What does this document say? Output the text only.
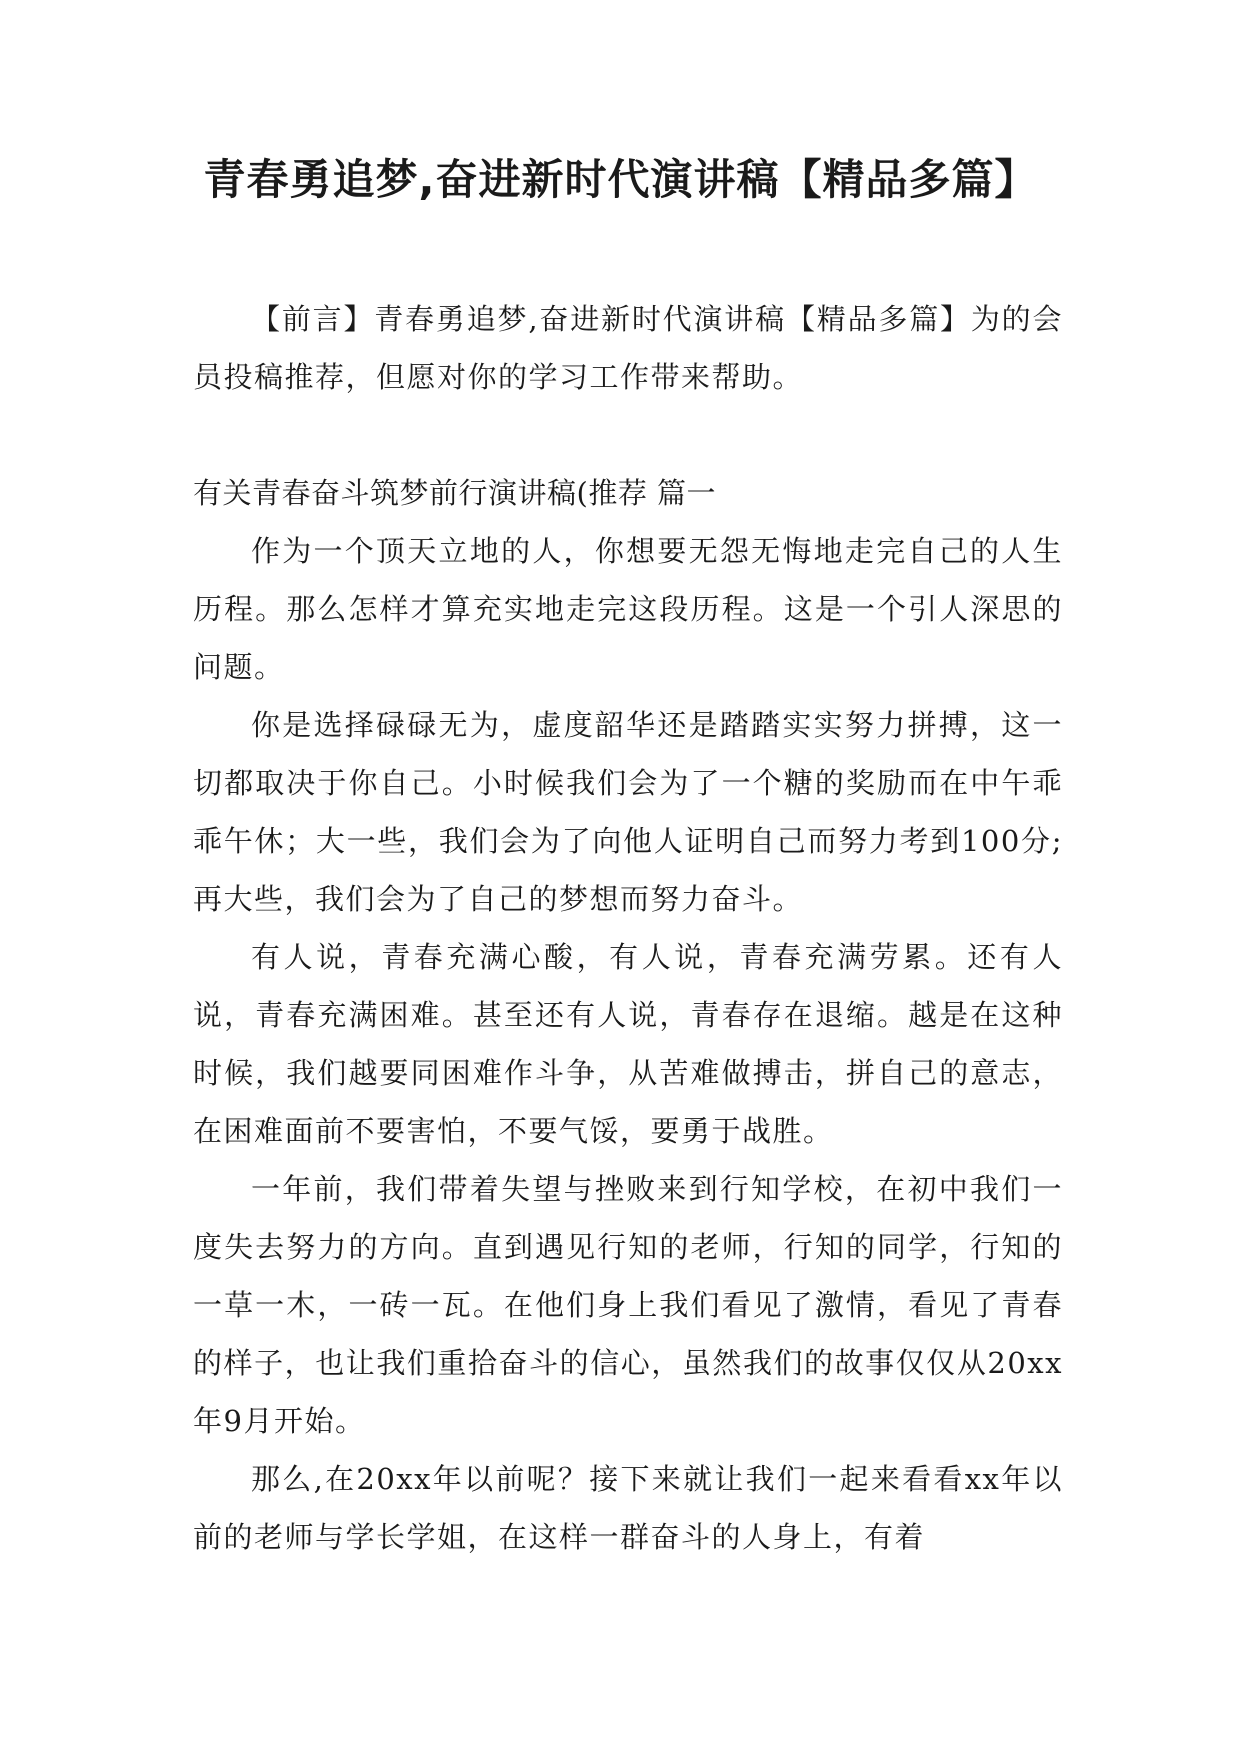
青春勇追梦,奋进新时代演讲稿【精品多篇】

【前言】青春勇追梦,奋进新时代演讲稿【精品多篇】为的会员投稿推荐，但愿对你的学习工作带来帮助。

有关青春奋斗筑梦前行演讲稿(推荐 篇一

作为一个顶天立地的人，你想要无怨无悔地走完自己的人生历程。那么怎样才算充实地走完这段历程。这是一个引人深思的问题。

你是选择碌碌无为，虚度韶华还是踏踏实实努力拼搏，这一切都取决于你自己。小时候我们会为了一个糖的奖励而在中午乖乖午休；大一些，我们会为了向他人证明自己而努力考到100分; 再大些，我们会为了自己的梦想而努力奋斗。

有人说，青春充满心酸，有人说，青春充满劳累。还有人说，青春充满困难。甚至还有人说，青春存在退缩。越是在这种时候，我们越要同困难作斗争，从苦难做搏击，拼自己的意志，在困难面前不要害怕，不要气馁，要勇于战胜。

一年前，我们带着失望与挫败来到行知学校，在初中我们一度失去努力的方向。直到遇见行知的老师，行知的同学，行知的一草一木，一砖一瓦。在他们身上我们看见了激情，看见了青春的样子，也让我们重拾奋斗的信心，虽然我们的故事仅仅从20xx年9月开始。

那么,在20xx年以前呢？接下来就让我们一起来看看xx年以前的老师与学长学姐，在这样一群奋斗的人身上，有着
